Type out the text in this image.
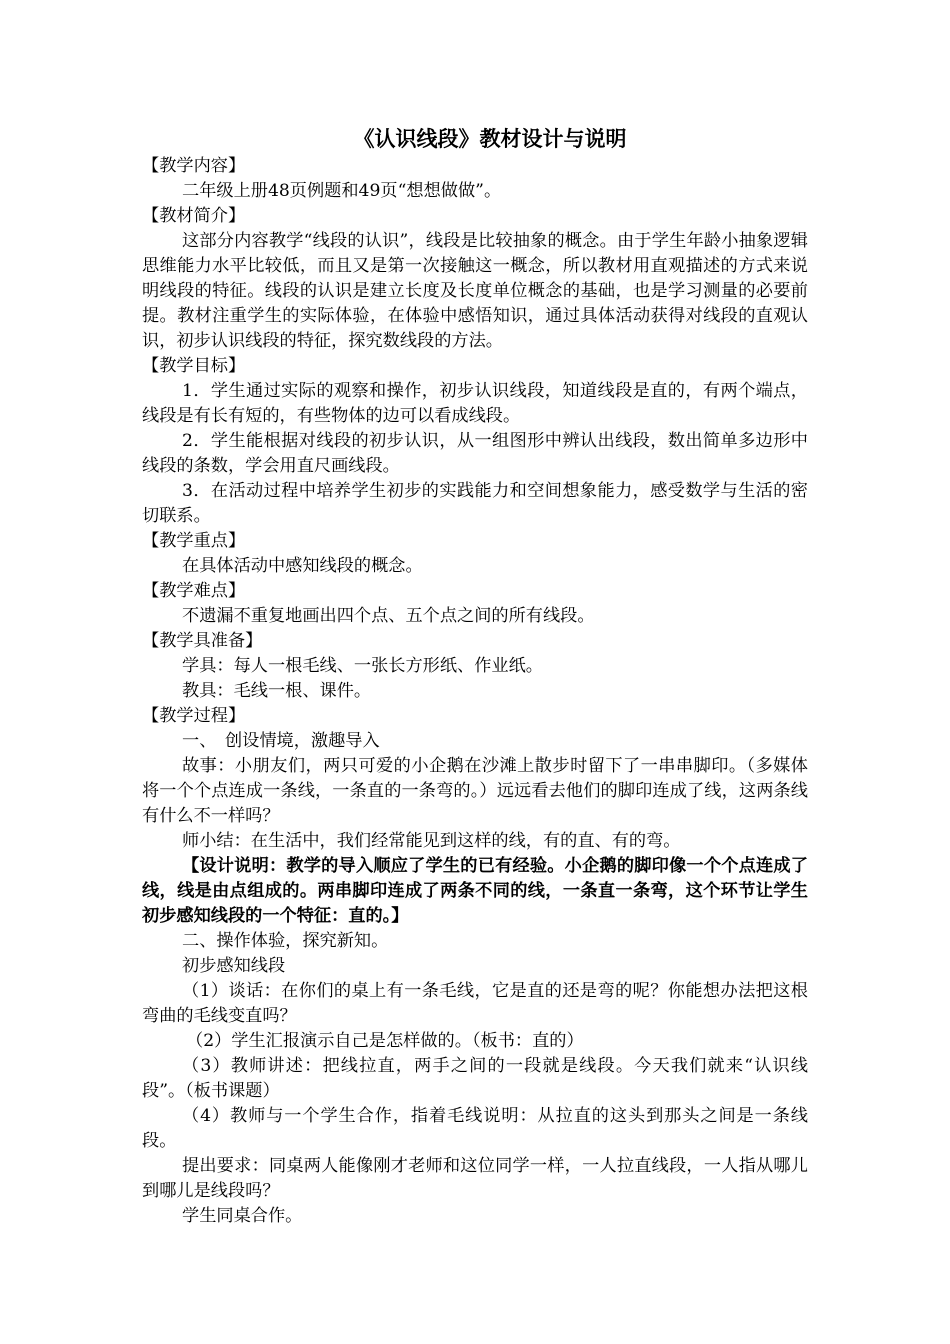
《认识线段》教材设计与说明

【教学内容】

二年级上册48页例题和49页“想想做做”。

【教材简介】

这部分内容教学“线段的认识”，线段是比较抽象的概念。由于学生年龄小抽象逻辑思维能力水平比较低，而且又是第一次接触这一概念，所以教材用直观描述的方式来说明线段的特征。线段的认识是建立长度及长度单位概念的基础，也是学习测量的必要前提。教材注重学生的实际体验，在体验中感悟知识，通过具体活动获得对线段的直观认识，初步认识线段的特征，探究数线段的方法。

【教学目标】

1．学生通过实际的观察和操作，初步认识线段，知道线段是直的，有两个端点，线段是有长有短的，有些物体的边可以看成线段。

2．学生能根据对线段的初步认识，从一组图形中辨认出线段，数出简单多边形中线段的条数，学会用直尺画线段。

3．在活动过程中培养学生初步的实践能力和空间想象能力，感受数学与生活的密切联系。

【教学重点】

在具体活动中感知线段的概念。

【教学难点】

不遗漏不重复地画出四个点、五个点之间的所有线段。

【教学具准备】

学具：每人一根毛线、一张长方形纸、作业纸。

教具：毛线一根、课件。

【教学过程】

一、　创设情境，激趣导入

故事：小朋友们，两只可爱的小企鹅在沙滩上散步时留下了一串串脚印。（多媒体将一个个点连成一条线，一条直的一条弯的。）远远看去他们的脚印连成了线，这两条线有什么不一样吗？

师小结：在生活中，我们经常能见到这样的线，有的直、有的弯。

【设计说明：教学的导入顺应了学生的已有经验。小企鹅的脚印像一个个点连成了线，线是由点组成的。两串脚印连成了两条不同的线，一条直一条弯，这个环节让学生初步感知线段的一个特征：直的。】

二、操作体验，探究新知。

初步感知线段

（1）谈话：在你们的桌上有一条毛线，它是直的还是弯的呢？你能想办法把这根弯曲的毛线变直吗？

（2）学生汇报演示自己是怎样做的。（板书：直的）

（3）教师讲述：把线拉直，两手之间的一段就是线段。今天我们就来“认识线段”。（板书课题）

（4）教师与一个学生合作，指着毛线说明：从拉直的这头到那头之间是一条线段。

提出要求：同桌两人能像刚才老师和这位同学一样，一人拉直线段，一人指从哪儿到哪儿是线段吗？

学生同桌合作。
